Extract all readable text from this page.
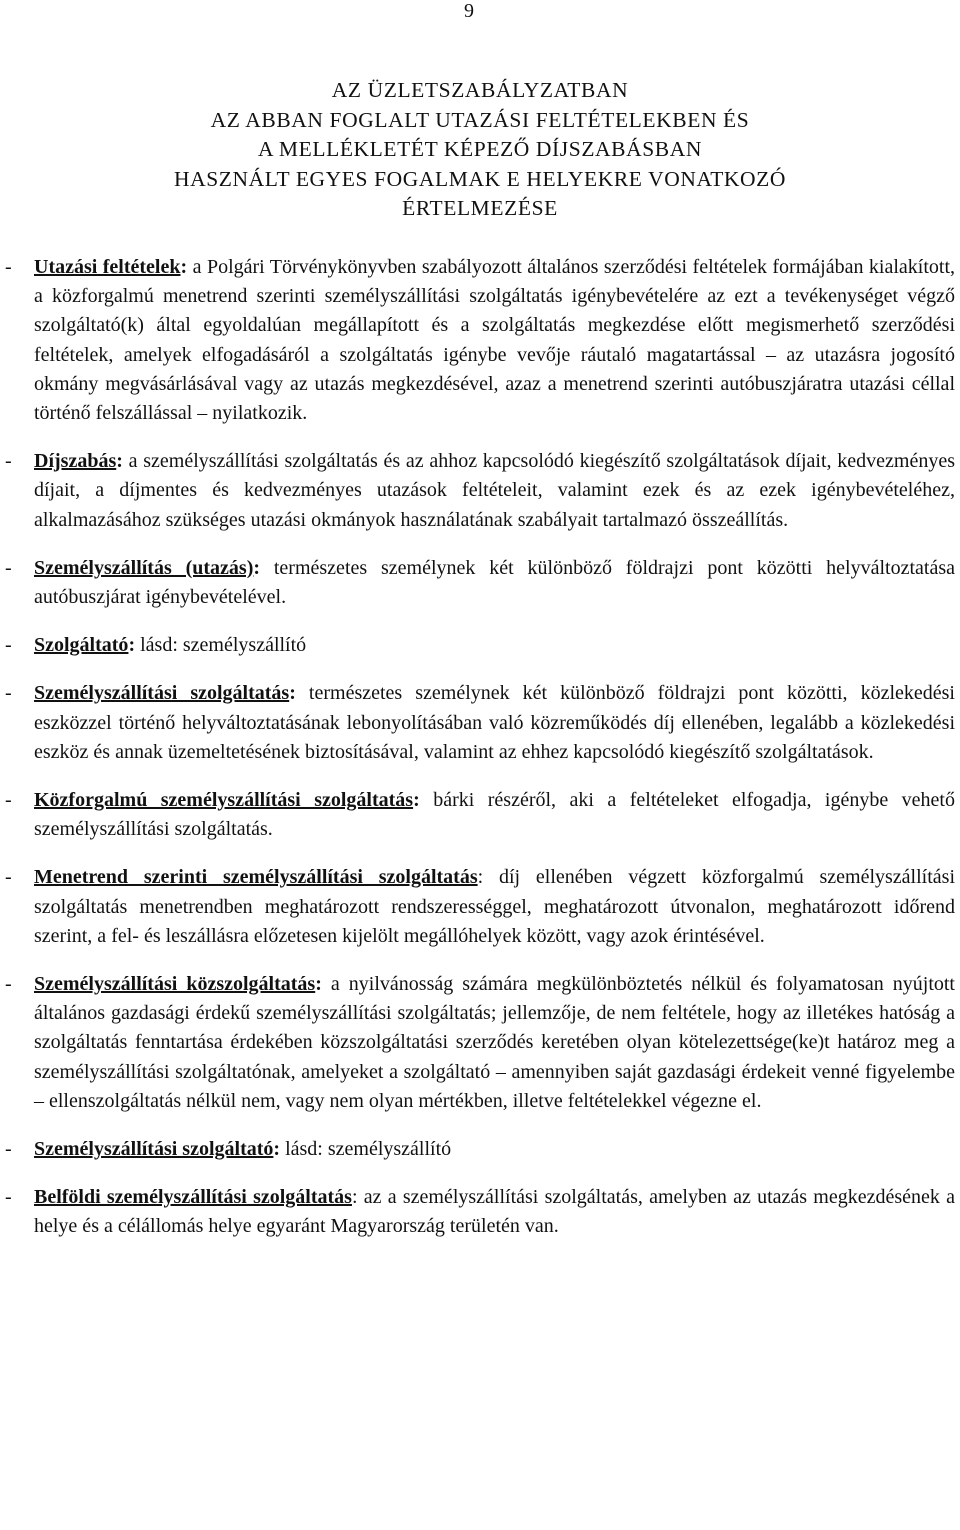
9
AZ ÜZLETSZABÁLYZATBAN
AZ ABBAN FOGLALT UTAZÁSI FELTÉTELEKBEN ÉS
A MELLÉKLETÉT KÉPEZŐ DÍJSZABÁSBAN
HASZNÁLT EGYES FOGALMAK E HELYEKRE VONATKOZÓ
ÉRTELMEZÉSE
- Utazási feltételek: a Polgári Törvénykönyvben szabályozott általános szerződési feltételek formájában kialakított, a közforgalmú menetrend szerinti személyszállítási szolgáltatás igénybevételére az ezt a tevékenységet végző szolgáltató(k) által egyoldalúan megállapított és a szolgáltatás megkezdése előtt megismerhető szerződési feltételek, amelyek elfogadásáról a szolgáltatás igénybe vevője ráutaló magatartással – az utazásra jogosító okmány megvásárlásával vagy az utazás megkezdésével, azaz a menetrend szerinti autóbuszjáratra utazási céllal történő felszállással – nyilatkozik.
- Díjszabás: a személyszállítási szolgáltatás és az ahhoz kapcsolódó kiegészítő szolgáltatások díjait, kedvezményes díjait, a díjmentes és kedvezményes utazások feltételeit, valamint ezek és az ezek igénybevételéhez, alkalmazásához szükséges utazási okmányok használatának szabályait tartalmazó összeállítás.
- Személyszállítás (utazás): természetes személynek két különböző földrajzi pont közötti helyváltoztatása autóbuszjárat igénybevételével.
- Szolgáltató: lásd: személyszállító
- Személyszállítási szolgáltatás: természetes személynek két különböző földrajzi pont közötti, közlekedési eszközzel történő helyváltoztatásának lebonyolításában való közreműködés díj ellenében, legalább a közlekedési eszköz és annak üzemeltetésének biztosításával, valamint az ehhez kapcsolódó kiegészítő szolgáltatások.
- Közforgalmú személyszállítási szolgáltatás: bárki részéről, aki a feltételeket elfogadja, igénybe vehető személyszállítási szolgáltatás.
- Menetrend szerinti személyszállítási szolgáltatás: díj ellenében végzett közforgalmú személyszállítási szolgáltatás menetrendben meghatározott rendszerességgel, meghatározott útvonalon, meghatározott időrend szerint, a fel- és leszállásra előzetesen kijelölt megállóhelyek között, vagy azok érintésével.
- Személyszállítási közszolgáltatás: a nyilvánosság számára megkülönböztetés nélkül és folyamatosan nyújtott általános gazdasági érdekű személyszállítási szolgáltatás; jellemzője, de nem feltétele, hogy az illetékes hatóság a szolgáltatás fenntartása érdekében közszolgáltatási szerződés keretében olyan kötelezettsége(ke)t határoz meg a személyszállítási szolgáltatónak, amelyeket a szolgáltató – amennyiben saját gazdasági érdekeit venné figyelembe – ellenszolgáltatás nélkül nem, vagy nem olyan mértékben, illetve feltételekkel végezne el.
- Személyszállítási szolgáltató: lásd: személyszállító
- Belföldi személyszállítási szolgáltatás: az a személyszállítási szolgáltatás, amelyben az utazás megkezdésének a helye és a célállomás helye egyaránt Magyarország területén van.
